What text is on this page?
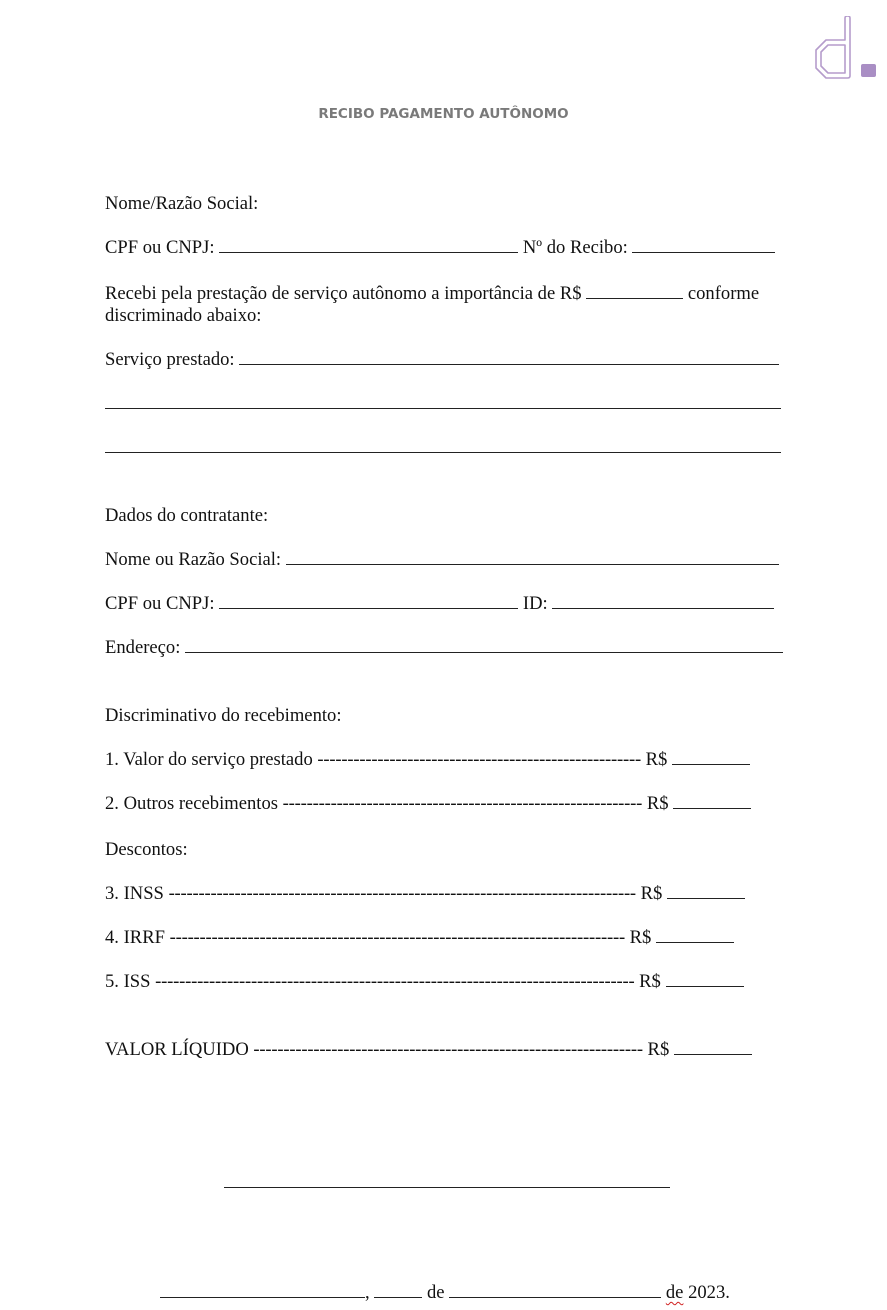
RECIBO PAGAMENTO AUTÔNOMO
Nome/Razão Social:
CPF ou CNPJ:	Nº do Recibo:
Recebi pela prestação de serviço autônomo a importância de R$	conforme
discriminado abaixo:
Serviço prestado:
Dados do contratante:
Nome ou Razão Social:
CPF ou CNPJ:	ID:
Endereço:
Discriminativo do recebimento:
1. Valor do serviço prestado ------------------------------------------------------ R$
2. Outros recebimentos ------------------------------------------------------------ R$
Descontos:
3. INSS ------------------------------------------------------------------------------ R$
4. IRRF ---------------------------------------------------------------------------- R$
5. ISS -------------------------------------------------------------------------------- R$
VALOR LÍQUIDO ----------------------------------------------------------------- R$
,	de	de 2023.
